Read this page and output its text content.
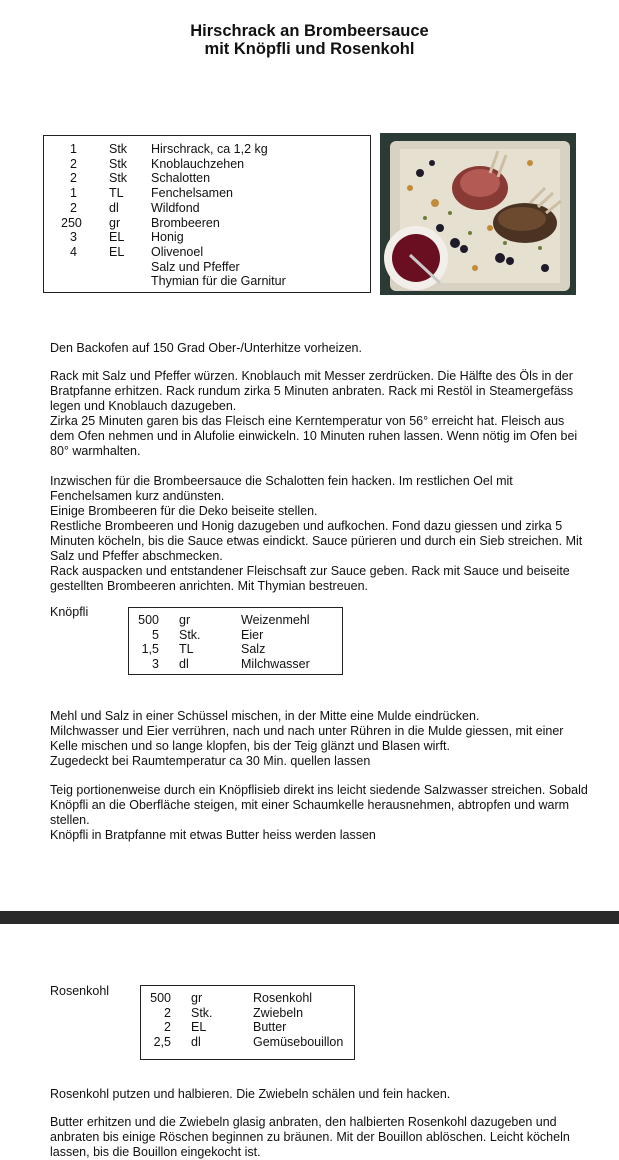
Hirschrack an Brombeersauce
mit Knöpfli und Rosenkohl
1	Stk	Hirschrack, ca 1,2 kg
2	Stk	Knoblauchzehen
2	Stk	Schalotten
1	TL	Fenchelsamen
2	dl	Wildfond
250	gr	Brombeeren
3	EL	Honig
4	EL	Olivenoel
Salz und Pfeffer
Thymian für die Garnitur

Den Backofen auf 150 Grad Ober-/Unterhitze vorheizen.

Rack mit Salz und Pfeffer würzen. Knoblauch mit Messer zerdrücken. Die Hälfte des Öls in der Bratpfanne erhitzen. Rack rundum zirka 5 Minuten anbraten. Rack mi Restöl in Steamergefäss legen und Knoblauch dazugeben.
Zirka 25 Minuten garen bis das Fleisch eine Kerntemperatur von 56° erreicht hat. Fleisch aus dem Ofen nehmen und in Alufolie einwickeln. 10 Minuten ruhen lassen. Wenn nötig im Ofen bei 80° warmhalten.

Inzwischen für die Brombeersauce die Schalotten fein hacken. Im restlichen Oel mit Fenchelsamen kurz andünsten.
Einige Brombeeren für die Deko beiseite stellen.
Restliche Brombeeren und Honig dazugeben und aufkochen. Fond dazu giessen und zirka 5 Minuten köcheln, bis die Sauce etwas eindickt. Sauce pürieren und durch ein Sieb streichen. Mit Salz und Pfeffer abschmecken.
Rack auspacken und entstandener Fleischsaft zur Sauce geben. Rack mit Sauce und beiseite gestellten Brombeeren anrichten. Mit Thymian bestreuen.

Knöpfli
500	gr	Weizenmehl
5	Stk.	Eier
1,5	TL	Salz
3	dl	Milchwasser

Mehl und Salz in einer Schüssel mischen, in der Mitte eine Mulde eindrücken.
Milchwasser und Eier verrühren, nach und nach unter Rühren in die Mulde giessen, mit einer Kelle mischen und so lange klopfen, bis der Teig glänzt und Blasen wirft.
Zugedeckt bei Raumtemperatur ca 30 Min. quellen lassen

Teig portionenweise durch ein Knöpflisieb direkt ins leicht siedende Salzwasser streichen. Sobald Knöpfli an die Oberfläche steigen, mit einer Schaumkelle herausnehmen, abtropfen und warm stellen.
Knöpfli in Bratpfanne mit etwas Butter heiss werden lassen

Rosenkohl	500	gr	Rosenkohl
2	Stk.	Zwiebeln
2	EL	Butter
2,5	dl	Gemüsebouillon

Rosenkohl putzen und halbieren. Die Zwiebeln schälen und fein hacken.

Butter erhitzen und die Zwiebeln glasig anbraten, den halbierten Rosenkohl dazugeben und anbraten bis einige Röschen beginnen zu bräunen. Mit der Bouillon ablöschen. Leicht köcheln lassen, bis die Bouillon eingekocht ist.
